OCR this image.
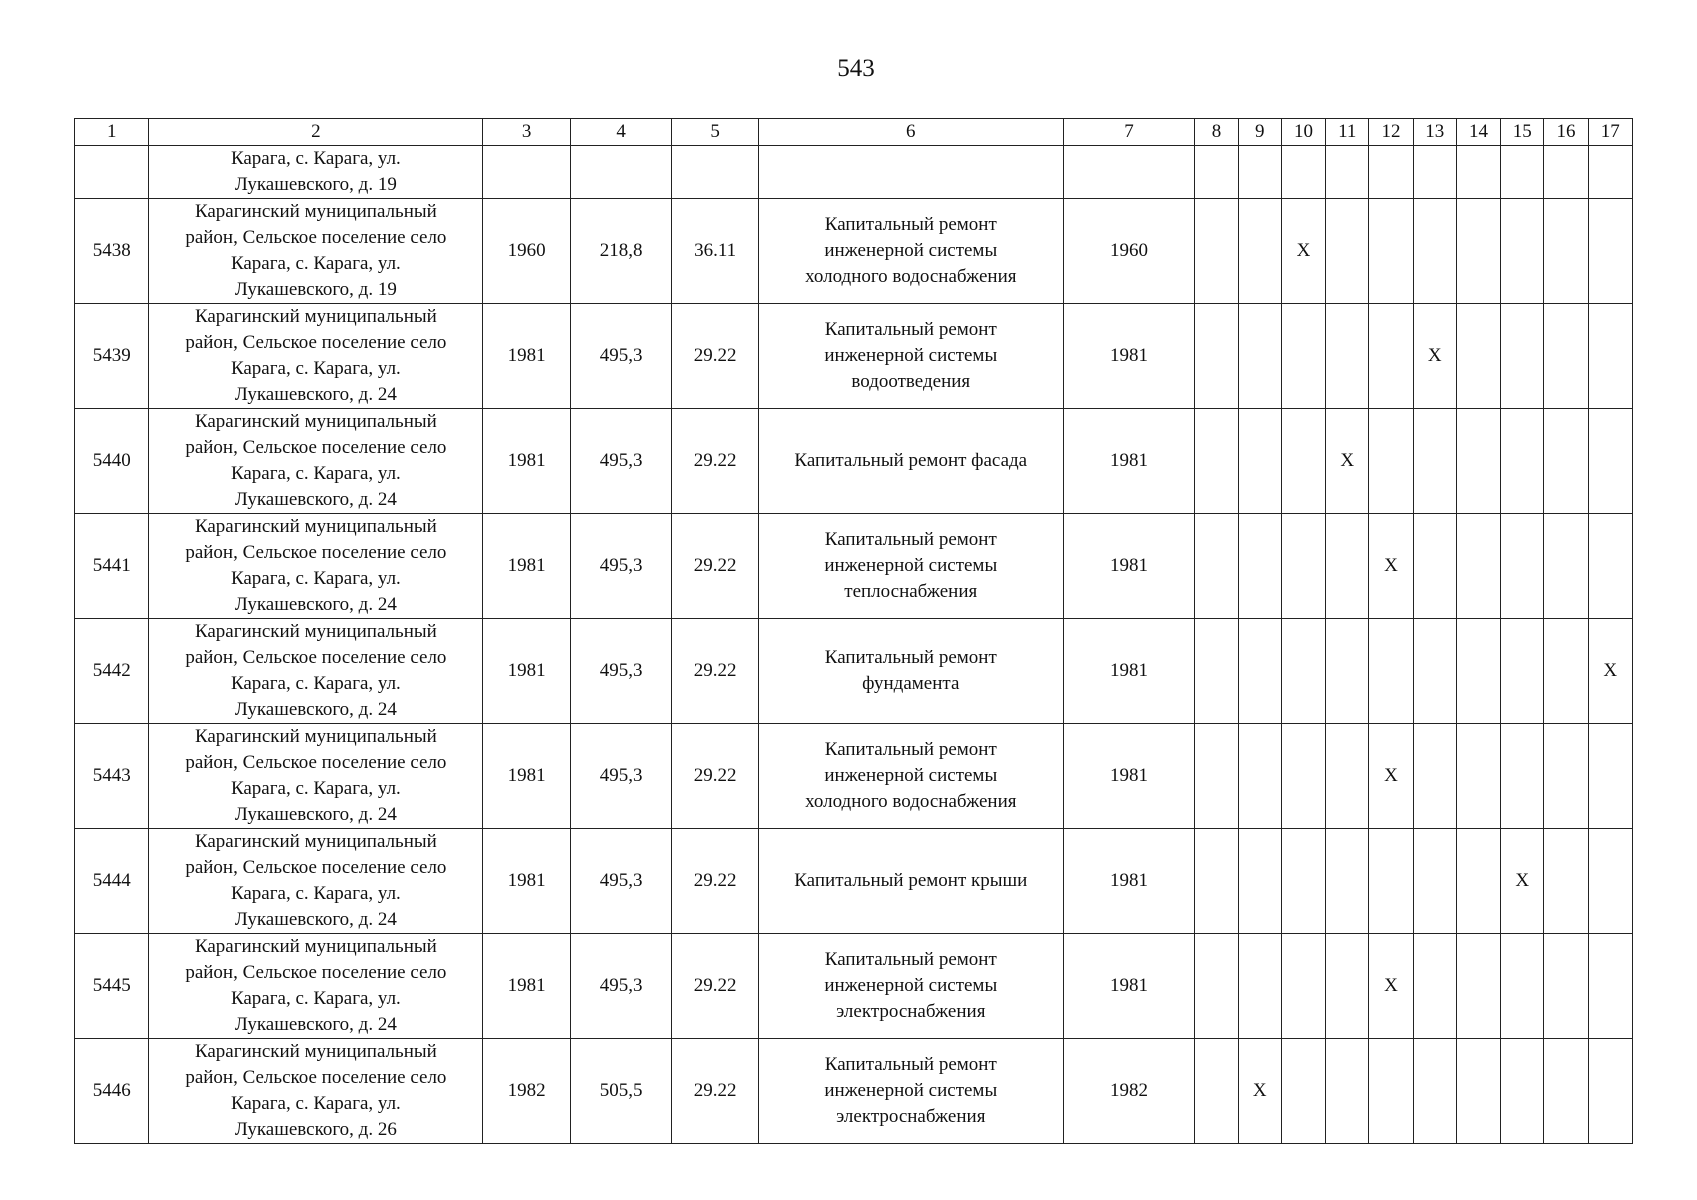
543
1	2	3	4	5	6	7	8	9	10	11	12	13	14	15	16	17

	Карага, с. Карага, ул.
Лукашевского, д. 19															

5438	Карагинский муниципальный
район, Сельское поселение село
Карага, с. Карага, ул.
Лукашевского, д. 19	1960	218,8	36.11	Капитальный ремонт
инженерной системы
холодного водоснабжения	1960			X							
5439	Карагинский муниципальный
район, Сельское поселение село
Карага, с. Карага, ул.
Лукашевского, д. 24	1981	495,3	29.22	Капитальный ремонт
инженерной системы
водоотведения	1981						X				
5440	Карагинский муниципальный
район, Сельское поселение село
Карага, с. Карага, ул.
Лукашевского, д. 24	1981	495,3	29.22	Капитальный ремонт фасада	1981				X						
5441	Карагинский муниципальный
район, Сельское поселение село
Карага, с. Карага, ул.
Лукашевского, д. 24	1981	495,3	29.22	Капитальный ремонт
инженерной системы
теплоснабжения	1981					X					
5442	Карагинский муниципальный
район, Сельское поселение село
Карага, с. Карага, ул.
Лукашевского, д. 24	1981	495,3	29.22	Капитальный ремонт
фундамента	1981										X
5443	Карагинский муниципальный
район, Сельское поселение село
Карага, с. Карага, ул.
Лукашевского, д. 24	1981	495,3	29.22	Капитальный ремонт
инженерной системы
холодного водоснабжения	1981					X					
5444	Карагинский муниципальный
район, Сельское поселение село
Карага, с. Карага, ул.
Лукашевского, д. 24	1981	495,3	29.22	Капитальный ремонт крыши	1981								X		
5445	Карагинский муниципальный
район, Сельское поселение село
Карага, с. Карага, ул.
Лукашевского, д. 24	1981	495,3	29.22	Капитальный ремонт
инженерной системы
электроснабжения	1981					X					
5446	Карагинский муниципальный
район, Сельское поселение село
Карага, с. Карага, ул.
Лукашевского, д. 26	1982	505,5	29.22	Капитальный ремонт
инженерной системы
электроснабжения	1982		X								
